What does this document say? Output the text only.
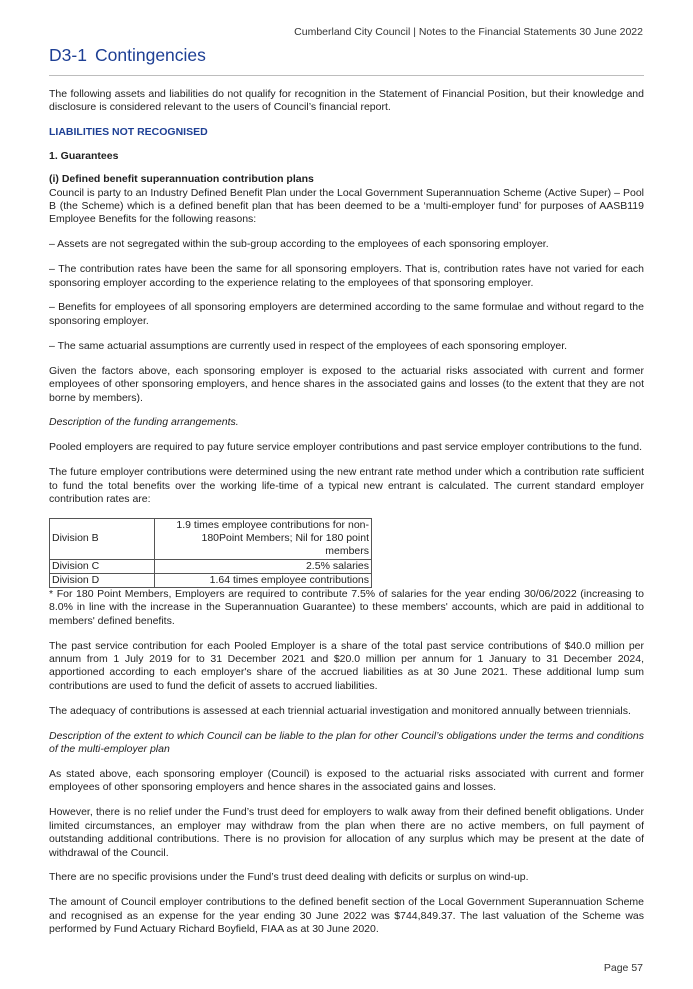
Cumberland City Council | Notes to the Financial Statements 30 June 2022
D3-1 Contingencies

The following assets and liabilities do not qualify for recognition in the Statement of Financial Position, but their knowledge and disclosure is considered relevant to the users of Council’s financial report.

LIABILITIES NOT RECOGNISED
1. Guarantees
(i) Defined benefit superannuation contribution plans

Council is party to an Industry Defined Benefit Plan under the Local Government Superannuation Scheme (Active Super) – Pool B (the Scheme) which is a defined benefit plan that has been deemed to be a ‘multi-employer fund’ for purposes of AASB119 Employee Benefits for the following reasons:

– Assets are not segregated within the sub-group according to the employees of each sponsoring employer.

– The contribution rates have been the same for all sponsoring employers. That is, contribution rates have not varied for each sponsoring employer according to the experience relating to the employees of that sponsoring employer.

– Benefits for employees of all sponsoring employers are determined according to the same formulae and without regard to the sponsoring employer.

– The same actuarial assumptions are currently used in respect of the employees of each sponsoring employer.

Given the factors above, each sponsoring employer is exposed to the actuarial risks associated with current and former employees of other sponsoring employers, and hence shares in the associated gains and losses (to the extent that they are not borne by members).

Description of the funding arrangements.

Pooled employers are required to pay future service employer contributions and past service employer contributions to the fund.

The future employer contributions were determined using the new entrant rate method under which a contribution rate sufficient to fund the total benefits over the working life-time of a typical new entrant is calculated. The current standard employer contribution rates are:

Division B	1.9 times employee contributions for non-180Point Members; Nil for 180 point members
Division C	2.5% salaries
Division D	1.64 times employee contributions

* For 180 Point Members, Employers are required to contribute 7.5% of salaries for the year ending 30/06/2022 (increasing to 8.0% in line with the increase in the Superannuation Guarantee) to these members' accounts, which are paid in additional to members' defined benefits.

The past service contribution for each Pooled Employer is a share of the total past service contributions of $40.0 million per annum from 1 July 2019 for to 31 December 2021 and $20.0 million per annum for 1 January to 31 December 2024, apportioned according to each employer's share of the accrued liabilities as at 30 June 2021. These additional lump sum contributions are used to fund the deficit of assets to accrued liabilities.

The adequacy of contributions is assessed at each triennial actuarial investigation and monitored annually between triennials.

Description of the extent to which Council can be liable to the plan for other Council’s obligations under the terms and conditions of the multi-employer plan

As stated above, each sponsoring employer (Council) is exposed to the actuarial risks associated with current and former employees of other sponsoring employers and hence shares in the associated gains and losses.

However, there is no relief under the Fund’s trust deed for employers to walk away from their defined benefit obligations. Under limited circumstances, an employer may withdraw from the plan when there are no active members, on full payment of outstanding additional contributions. There is no provision for allocation of any surplus which may be present at the date of withdrawal of the Council.

There are no specific provisions under the Fund’s trust deed dealing with deficits or surplus on wind-up.

The amount of Council employer contributions to the defined benefit section of the Local Government Superannuation Scheme and recognised as an expense for the year ending 30 June 2022 was $744,849.37. The last valuation of the Scheme was performed by Fund Actuary Richard Boyfield, FIAA as at 30 June 2020.

Page 57
